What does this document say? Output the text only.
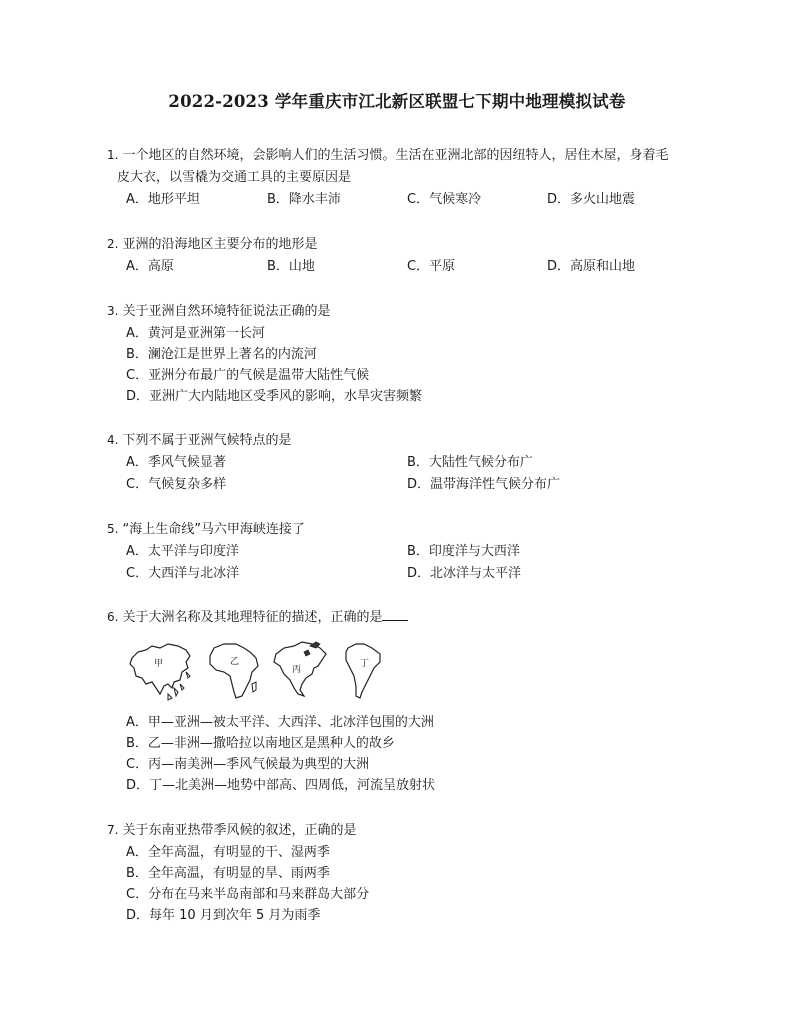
2022-2023 学年重庆市江北新区联盟七下期中地理模拟试卷
1. 一个地区的自然环境，会影响人们的生活习惯。生活在亚洲北部的因纽特人，居住木屋，身着毛
皮大衣，以雪橇为交通工具的主要原因是
A．地形平坦	B．降水丰沛	C．气候寒冷	D．多火山地震
2. 亚洲的沿海地区主要分布的地形是
A．高原	B．山地	C．平原	D．高原和山地
3. 关于亚洲自然环境特征说法正确的是
A．黄河是亚洲第一长河
B．澜沧江是世界上著名的内流河
C．亚洲分布最广的气候是温带大陆性气候
D．亚洲广大内陆地区受季风的影响，水旱灾害频繁
4. 下列不属于亚洲气候特点的是
A．季风气候显著	B．大陆性气候分布广
C．气候复杂多样	D．温带海洋性气候分布广
5. “海上生命线”马六甲海峡连接了
A．太平洋与印度洋	B．印度洋与大西洋
C．大西洋与北冰洋	D．北冰洋与太平洋
6. 关于大洲名称及其地理特征的描述，正确的是
甲	乙
丙
丁
A．甲—亚洲—被太平洋、大西洋、北冰洋包围的大洲
B．乙—非洲—撒哈拉以南地区是黑种人的故乡
C．丙—南美洲—季风气候最为典型的大洲
D．丁—北美洲—地势中部高、四周低，河流呈放射状
7. 关于东南亚热带季风候的叙述，正确的是
A．全年高温，有明显的干、湿两季
B．全年高温，有明显的旱、雨两季
C．分布在马来半岛南部和马来群岛大部分
D．每年 10 月到次年 5 月为雨季
